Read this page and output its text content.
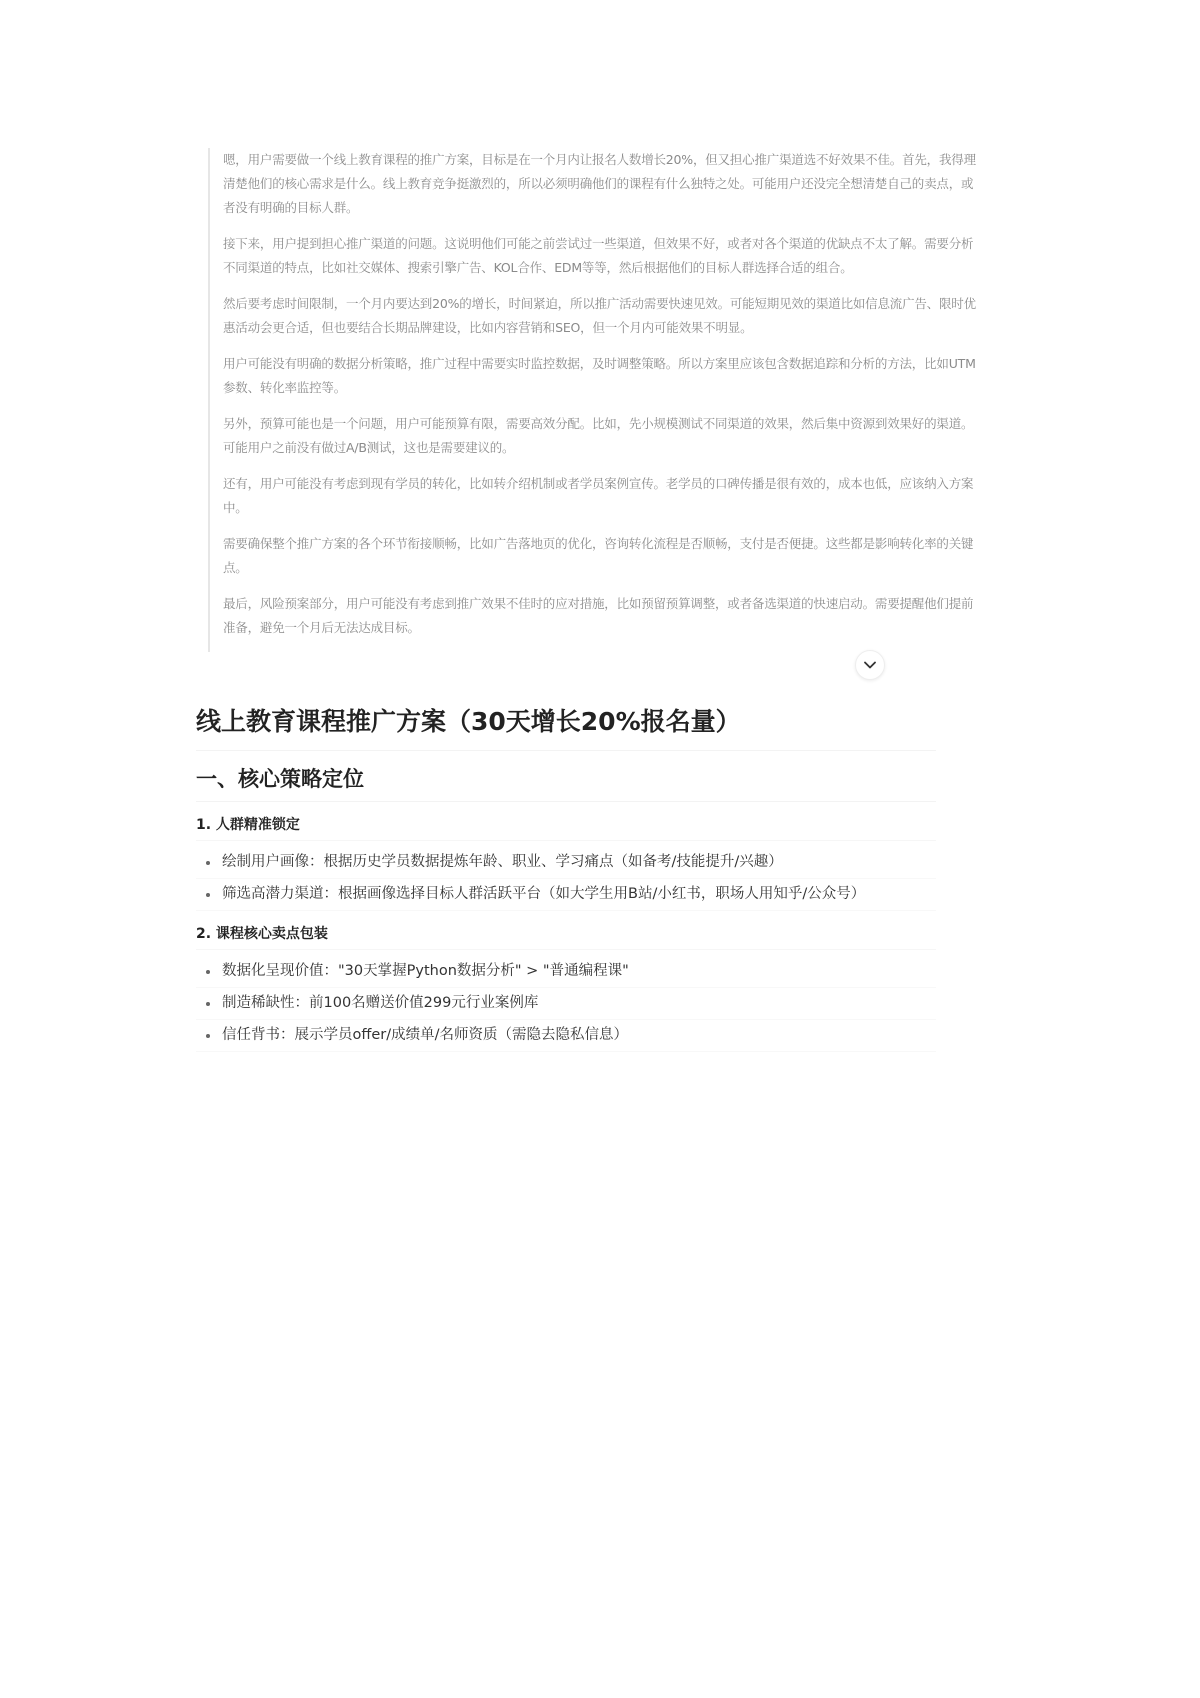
嗯，用户需要做一个线上教育课程的推广方案，目标是在一个月内让报名人数增长20%，但又担心推广渠道选不好效果不佳。首先，我得理清楚他们的核心需求是什么。线上教育竞争挺激烈的，所以必须明确他们的课程有什么独特之处。可能用户还没完全想清楚自己的卖点，或者没有明确的目标人群。

接下来，用户提到担心推广渠道的问题。这说明他们可能之前尝试过一些渠道，但效果不好，或者对各个渠道的优缺点不太了解。需要分析不同渠道的特点，比如社交媒体、搜索引擎广告、KOL合作、EDM等等，然后根据他们的目标人群选择合适的组合。

然后要考虑时间限制，一个月内要达到20%的增长，时间紧迫，所以推广活动需要快速见效。可能短期见效的渠道比如信息流广告、限时优惠活动会更合适，但也要结合长期品牌建设，比如内容营销和SEO，但一个月内可能效果不明显。

用户可能没有明确的数据分析策略，推广过程中需要实时监控数据，及时调整策略。所以方案里应该包含数据追踪和分析的方法，比如UTM参数、转化率监控等。

另外，预算可能也是一个问题，用户可能预算有限，需要高效分配。比如，先小规模测试不同渠道的效果，然后集中资源到效果好的渠道。可能用户之前没有做过A/B测试，这也是需要建议的。

还有，用户可能没有考虑到现有学员的转化，比如转介绍机制或者学员案例宣传。老学员的口碑传播是很有效的，成本也低，应该纳入方案中。

需要确保整个推广方案的各个环节衔接顺畅，比如广告落地页的优化，咨询转化流程是否顺畅，支付是否便捷。这些都是影响转化率的关键点。

最后，风险预案部分，用户可能没有考虑到推广效果不佳时的应对措施，比如预留预算调整，或者备选渠道的快速启动。需要提醒他们提前准备，避免一个月后无法达成目标。

线上教育课程推广方案（30天增长20%报名量）
一、核心策略定位
1. 人群精准锁定
绘制用户画像：根据历史学员数据提炼年龄、职业、学习痛点（如备考/技能提升/兴趣）
筛选高潜力渠道：根据画像选择目标人群活跃平台（如大学生用B站/小红书，职场人用知乎/公众号）
2. 课程核心卖点包装
数据化呈现价值："30天掌握Python数据分析" > "普通编程课"
制造稀缺性：前100名赠送价值299元行业案例库
信任背书：展示学员offer/成绩单/名师资质（需隐去隐私信息）
